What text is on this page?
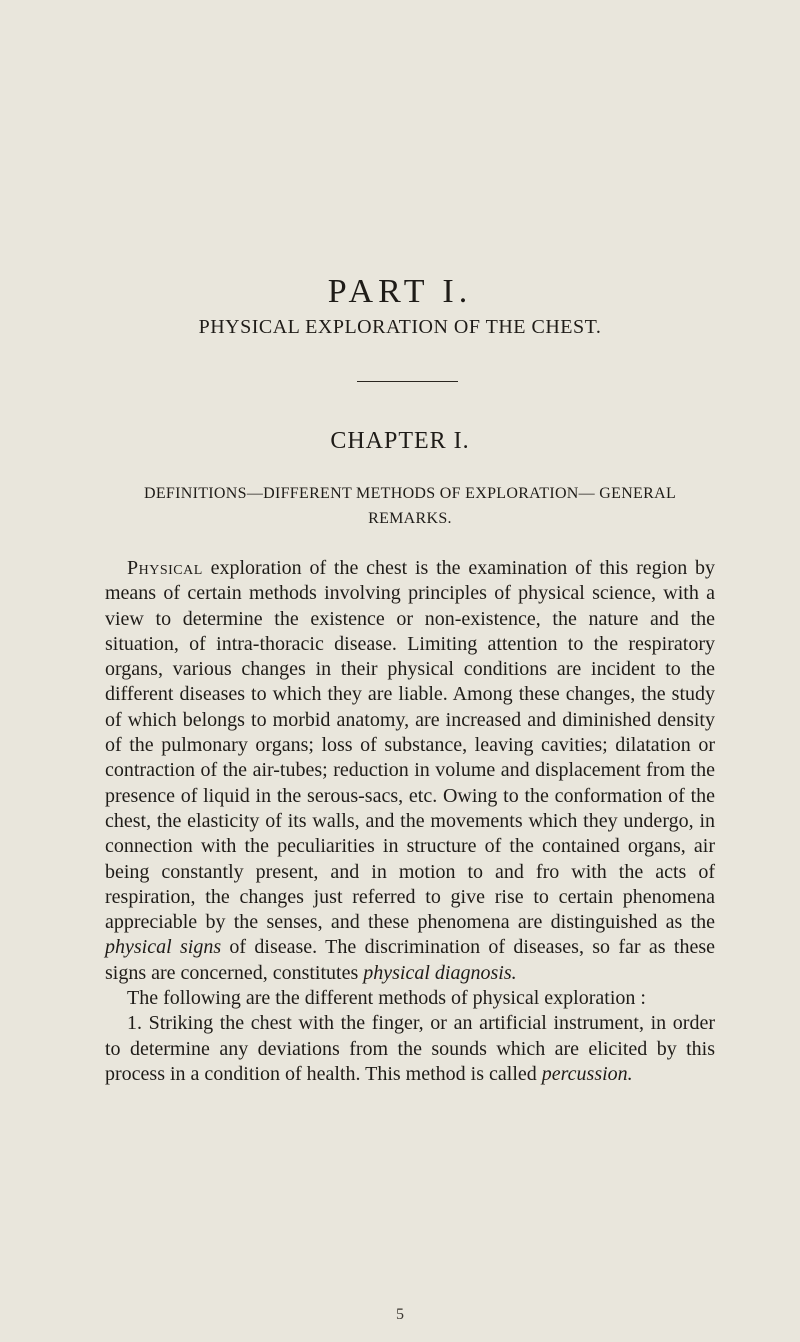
PART I.
PHYSICAL EXPLORATION OF THE CHEST.
CHAPTER I.
DEFINITIONS—DIFFERENT METHODS OF EXPLORATION— GENERAL REMARKS.

Physical exploration of the chest is the examination of this region by means of certain methods involving principles of physical science, with a view to determine the existence or non-existence, the nature and the situation, of intra-thoracic disease. Limiting attention to the respiratory organs, various changes in their physical conditions are incident to the different diseases to which they are liable. Among these changes, the study of which belongs to morbid anatomy, are increased and diminished density of the pulmonary organs; loss of substance, leaving cavities; dilatation or contraction of the air-tubes; reduction in volume and displacement from the presence of liquid in the serous-sacs, etc. Owing to the conformation of the chest, the elasticity of its walls, and the movements which they undergo, in connection with the peculiarities in structure of the contained organs, air being constantly present, and in motion to and fro with the acts of respiration, the changes just referred to give rise to certain phenomena appreciable by the senses, and these phenomena are distinguished as the physical signs of disease. The discrimination of diseases, so far as these signs are concerned, constitutes physical diagnosis.

The following are the different methods of physical exploration :

1. Striking the chest with the finger, or an artificial instrument, in order to determine any deviations from the sounds which are elicited by this process in a condition of health. This method is called percussion.

5
